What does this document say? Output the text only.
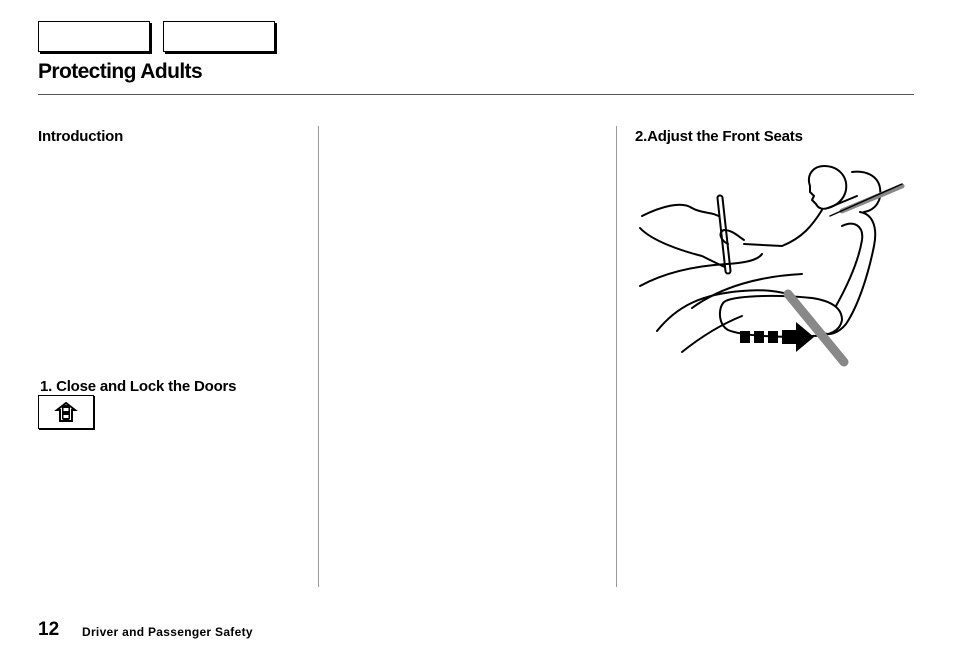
Protecting Adults
Introduction
1. Close and Lock the Doors
2.Adjust the Front Seats

12 Driver and Passenger Safety
